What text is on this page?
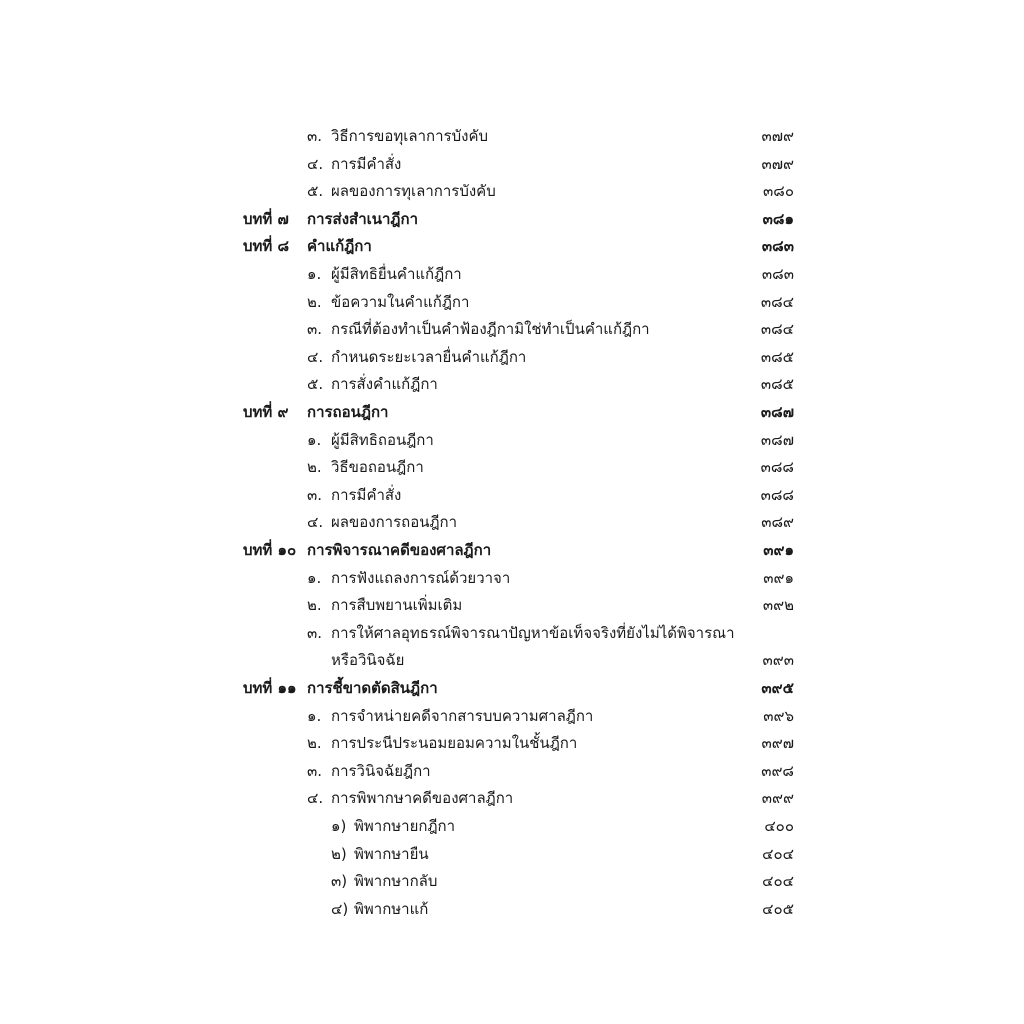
๓. วิธีการขอทุเลาการบังคับ	๓๗๙
๔. การมีคำสั่ง	๓๗๙
๕. ผลของการทุเลาการบังคับ	๓๘๐
บทที่ ๗ การส่งสำเนาฎีกา	๓๘๑
บทที่ ๘ คำแก้ฎีกา	๓๘๓
๑. ผู้มีสิทธิยื่นคำแก้ฎีกา	๓๘๓
๒. ข้อความในคำแก้ฎีกา	๓๘๔
๓. กรณีที่ต้องทำเป็นคำฟ้องฎีกามิใช่ทำเป็นคำแก้ฎีกา	๓๘๔
๔. กำหนดระยะเวลายื่นคำแก้ฎีกา	๓๘๕
๕. การสั่งคำแก้ฎีกา	๓๘๕
บทที่ ๙ การถอนฎีกา	๓๘๗
๑. ผู้มีสิทธิถอนฎีกา	๓๘๗
๒. วิธีขอถอนฎีกา	๓๘๘
๓. การมีคำสั่ง	๓๘๘
๔. ผลของการถอนฎีกา	๓๘๙
บทที่ ๑๐ การพิจารณาคดีของศาลฎีกา	๓๙๑
๑. การฟังแถลงการณ์ด้วยวาจา	๓๙๑
๒. การสืบพยานเพิ่มเติม	๓๙๒
๓. การให้ศาลอุทธรณ์พิจารณาปัญหาข้อเท็จจริงที่ยังไม่ได้พิจารณา
หรือวินิจฉัย	๓๙๓
บทที่ ๑๑ การชี้ขาดตัดสินฎีกา	๓๙๕
๑. การจำหน่ายคดีจากสารบบความศาลฎีกา	๓๙๖
๒. การประนีประนอมยอมความในชั้นฎีกา	๓๙๗
๓. การวินิจฉัยฎีกา	๓๙๘
๔. การพิพากษาคดีของศาลฎีกา	๓๙๙
๑) พิพากษายกฎีกา	๔๐๐
๒) พิพากษายืน	๔๐๔
๓) พิพากษากลับ	๔๐๔
๔) พิพากษาแก้	๔๐๕
